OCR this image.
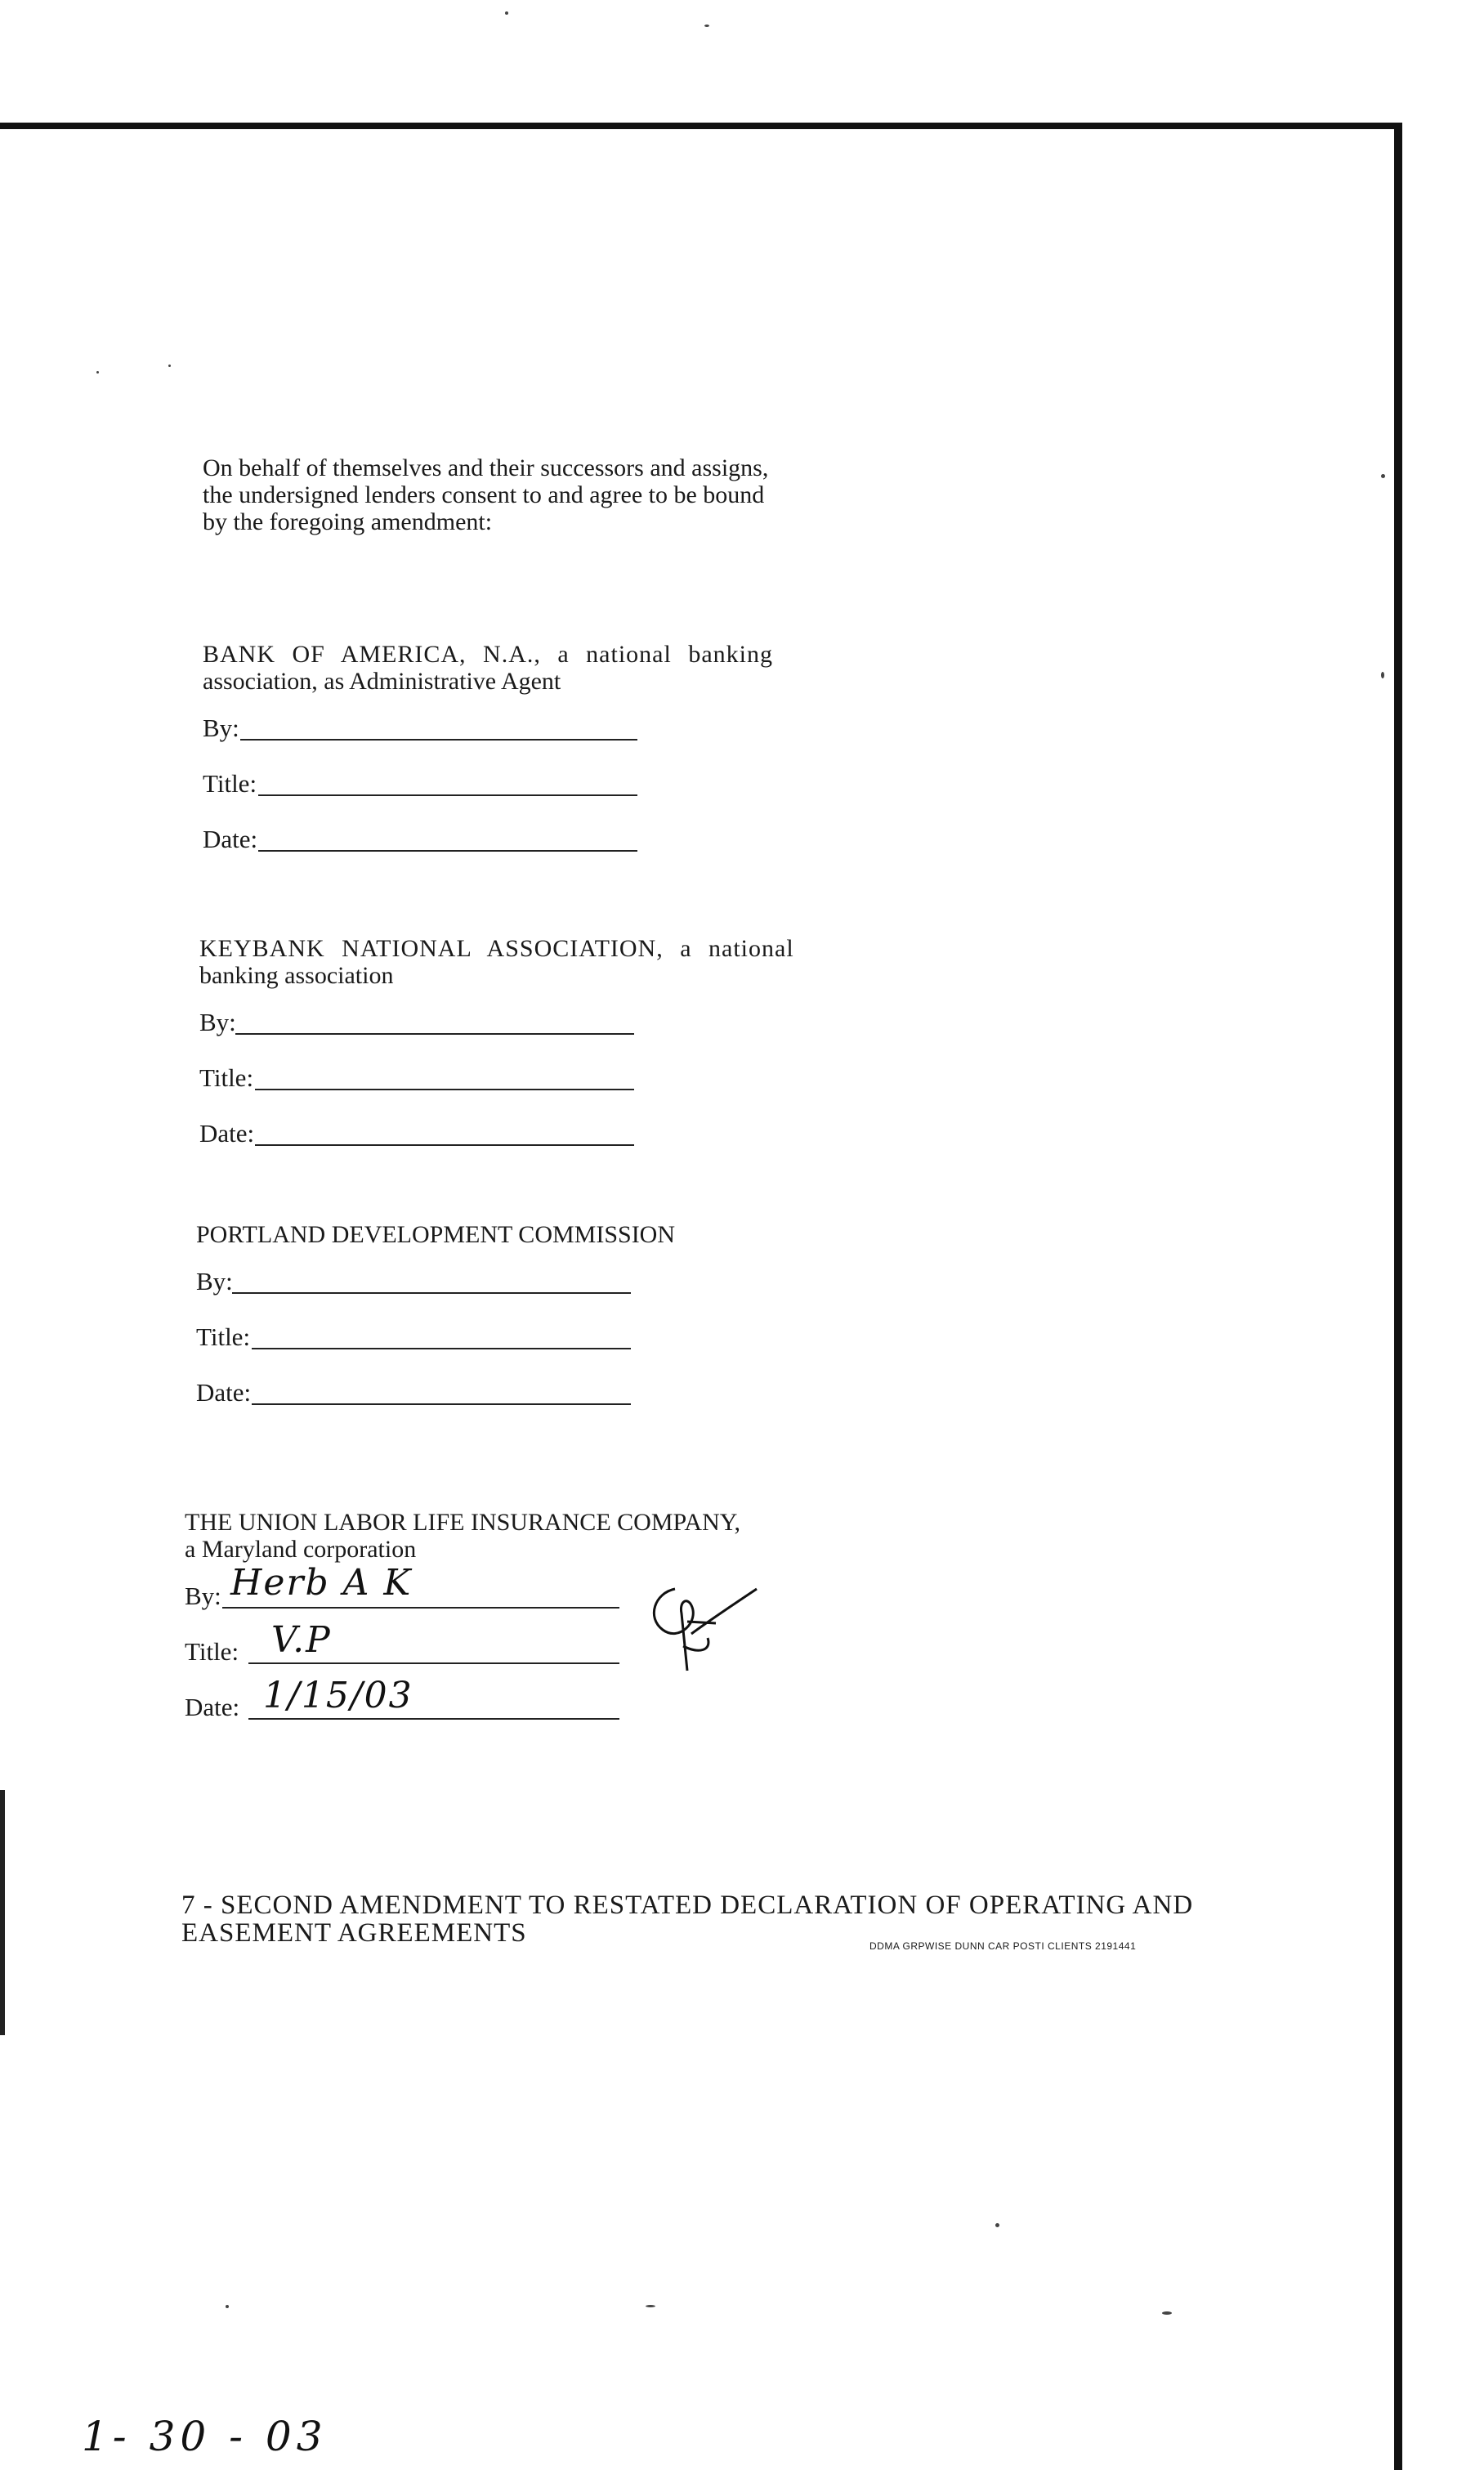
On behalf of themselves and their successors and assigns,
the undersigned lenders consent to and agree to be bound
by the foregoing amendment:
BANK OF AMERICA, N.A., a national banking
association, as Administrative Agent
By:
Title:
Date:
KEYBANK NATIONAL ASSOCIATION, a national
banking association
By:
Title:
Date:
PORTLAND DEVELOPMENT COMMISSION
By:
Title:
Date:
THE UNION LABOR LIFE INSURANCE COMPANY,
a Maryland corporation
By: Herb A K
Title: V.P
Date: 1/15/03
7 - SECOND AMENDMENT TO RESTATED DECLARATION OF OPERATING AND
EASEMENT AGREEMENTS	DDMA GRPWISE DUNN CAR POSTI CLIENTS 2191441
1- 30 - 03
